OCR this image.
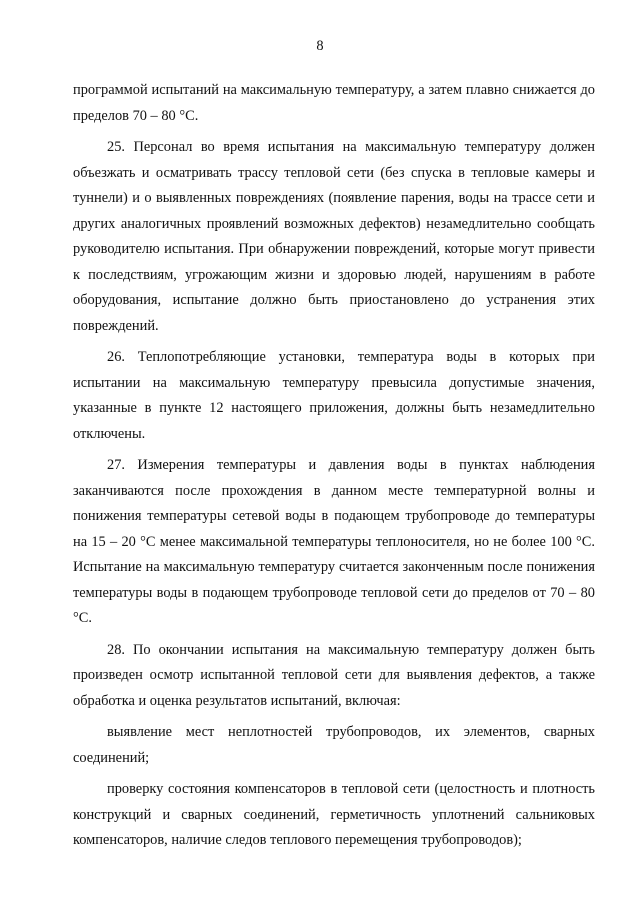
8

программой испытаний на максимальную температуру, а затем плавно снижается до пределов 70 – 80 °С.

25. Персонал во время испытания на максимальную температуру должен объезжать и осматривать трассу тепловой сети (без спуска в тепловые камеры и туннели) и о выявленных повреждениях (появление парения, воды на трассе сети и других аналогичных проявлений возможных дефектов) незамедлительно сообщать руководителю испытания. При обнаружении повреждений, которые могут привести к последствиям, угрожающим жизни и здоровью людей, нарушениям в работе оборудования, испытание должно быть приостановлено до устранения этих повреждений.

26. Теплопотребляющие установки, температура воды в которых при испытании на максимальную температуру превысила допустимые значения, указанные в пункте 12 настоящего приложения, должны быть незамедлительно отключены.

27. Измерения температуры и давления воды в пунктах наблюдения заканчиваются после прохождения в данном месте температурной волны и понижения температуры сетевой воды в подающем трубопроводе до температуры на 15 – 20 °С менее максимальной температуры теплоносителя, но не более 100 °С. Испытание на максимальную температуру считается законченным после понижения температуры воды в подающем трубопроводе тепловой сети до пределов от 70 – 80 °С.

28. По окончании испытания на максимальную температуру должен быть произведен осмотр испытанной тепловой сети для выявления дефектов, а также обработка и оценка результатов испытаний, включая:

выявление мест неплотностей трубопроводов, их элементов, сварных соединений;

проверку состояния компенсаторов в тепловой сети (целостность и плотность конструкций и сварных соединений, герметичность уплотнений сальниковых компенсаторов, наличие следов теплового перемещения трубопроводов);
